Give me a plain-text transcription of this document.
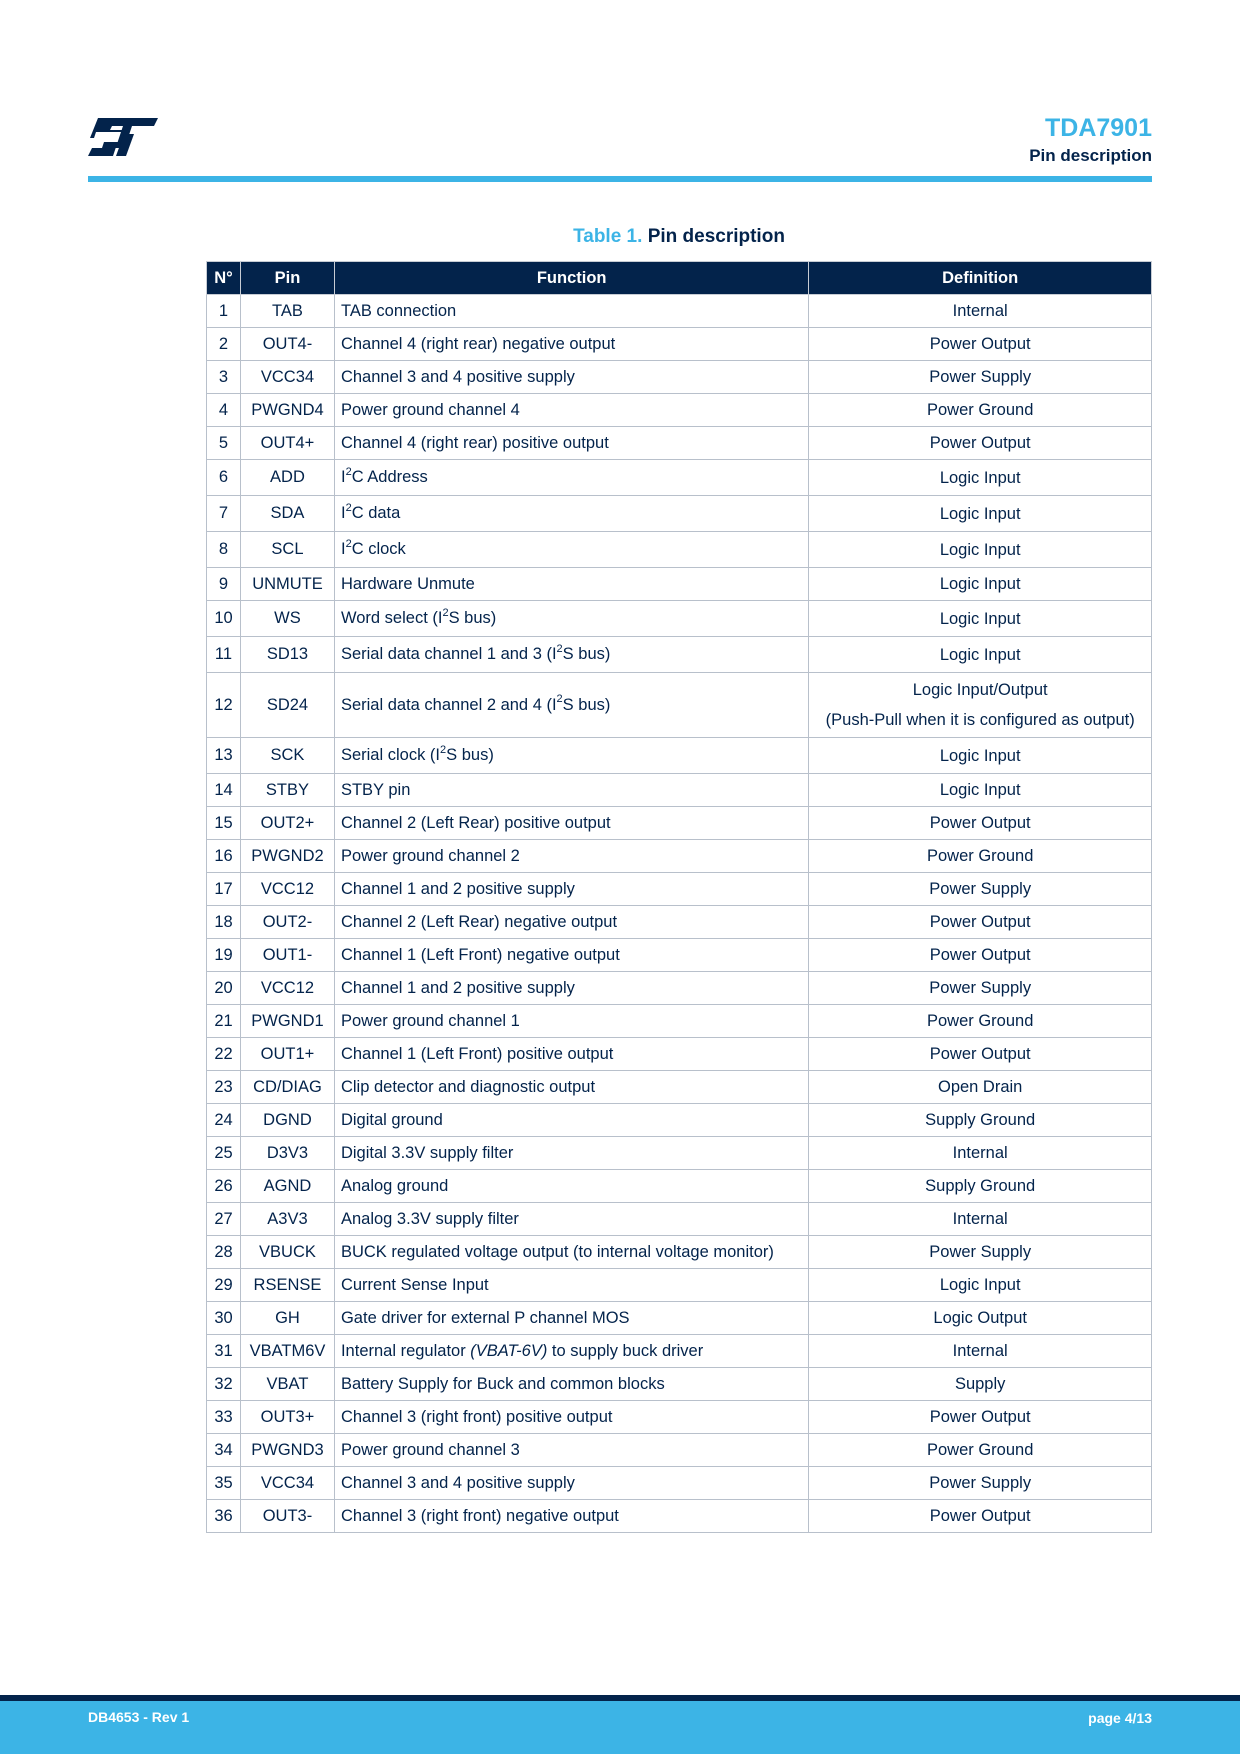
TDA7901
Pin description
Table 1. Pin description
N°	Pin	Function	Definition
1	TAB	TAB connection	Internal
2	OUT4-	Channel 4 (right rear) negative output	Power Output
3	VCC34	Channel 3 and 4 positive supply	Power Supply
4	PWGND4	Power ground channel 4	Power Ground
5	OUT4+	Channel 4 (right rear) positive output	Power Output
6	ADD	$I^2C$ Address	Logic Input
7	SDA	$I^2C$ data	Logic Input
8	SCL	$I^2C$ clock	Logic Input
9	UNMUTE	Hardware Unmute	Logic Input
10	WS	Word select ($I^2S$ bus)	Logic Input
11	SD13	Serial data channel 1 and 3 ($I^2S$ bus)	Logic Input
12	SD24	Serial data channel 2 and 4 ($I^2S$ bus)	Logic Input/Output
(Push-Pull when it is configured as output)

13	SCK	Serial clock ($I^2S$ bus)	Logic Input
14	STBY	STBY pin	Logic Input
15	OUT2+	Channel 2 (Left Rear) positive output	Power Output
16	PWGND2	Power ground channel 2	Power Ground
17	VCC12	Channel 1 and 2 positive supply	Power Supply
18	OUT2-	Channel 2 (Left Rear) negative output	Power Output
19	OUT1-	Channel 1 (Left Front) negative output	Power Output
20	VCC12	Channel 1 and 2 positive supply	Power Supply
21	PWGND1	Power ground channel 1	Power Ground
22	OUT1+	Channel 1 (Left Front) positive output	Power Output
23	CD/DIAG	Clip detector and diagnostic output	Open Drain
24	DGND	Digital ground	Supply Ground
25	D3V3	Digital 3.3V supply filter	Internal
26	AGND	Analog ground	Supply Ground
27	A3V3	Analog 3.3V supply filter	Internal
28	VBUCK	BUCK regulated voltage output (to internal voltage monitor)	Power Supply
29	RSENSE	Current Sense Input	Logic Input
30	GH	Gate driver for external P channel MOS	Logic Output
31	VBATM6V	Internal regulator (VBAT-6V) to supply buck driver	Internal
32	VBAT	Battery Supply for Buck and common blocks	Supply
33	OUT3+	Channel 3 (right front) positive output	Power Output
34	PWGND3	Power ground channel 3	Power Ground
35	VCC34	Channel 3 and 4 positive supply	Power Supply
36	OUT3-	Channel 3 (right front) negative output	Power Output
DB4653 - Rev 1	page 4/13
